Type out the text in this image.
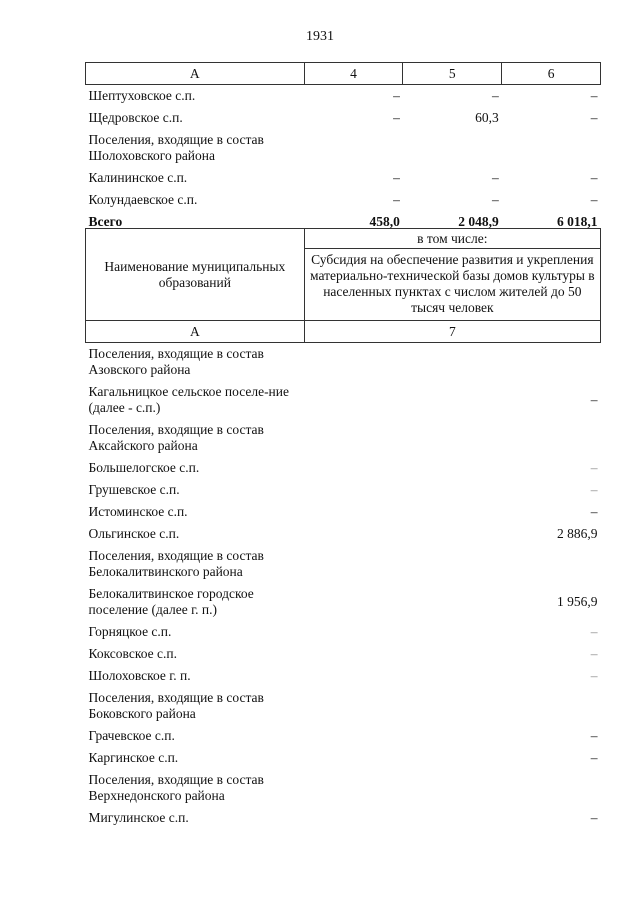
1931
А	4	5	6
Шептуховское с.п.	–	–	–
Щедровское с.п.	–	60,3	–
Поселения, входящие в состав Шолоховского района			
Калининское с.п.	–	–	–
Колундаевское с.п.	–	–	–
Всего	458,0	2 048,9	6 018,1
Наименование муниципальных образований	в том числе:
	Субсидия на обеспечение развития и укрепления материально-технической базы домов культуры в населенных пунктах с числом жителей до 50 тысяч человек
А	7
Поселения, входящие в состав Азовского района	
Кагальницкое сельское поселе-ние (далее - с.п.)	–
Поселения, входящие в состав Аксайского района	
Большелогское с.п.	–
Грушевское с.п.	–
Истоминское с.п.	–
Ольгинское с.п.	2 886,9
Поселения, входящие в состав Белокалитвинского района	
Белокалитвинское городское поселение (далее г. п.)	1 956,9
Горняцкое с.п.	–
Коксовское с.п.	–
Шолоховское г. п.	–
Поселения, входящие в состав Боковского района	
Грачевское с.п.	–
Каргинское с.п.	–
Поселения, входящие в состав Верхнедонского района	
Мигулинское с.п.	–
